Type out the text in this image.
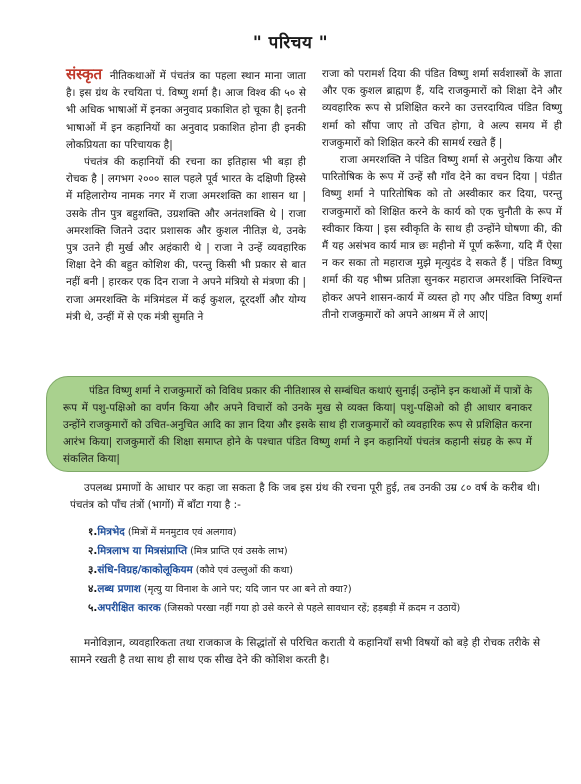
" परिचय "

संस्कृत नीतिकथाओं में पंचतंत्र का पहला स्थान माना जाता है। इस ग्रंथ के रचयिता पं. विष्णु शर्मा है। आज विश्व की ५० से भी अधिक भाषाओं में इनका अनुवाद प्रकाशित हो चूका है| इतनी भाषाओं में इन कहानियों का अनुवाद प्रकाशित होना ही इनकी लोकप्रियता का परिचायक है|

पंचतंत्र की कहानियों की रचना का इतिहास भी बड़ा ही रोचक है | लगभग २००० साल पहले पूर्व भारत के दक्षिणी हिस्से में महिलारोग्य नामक नगर में राजा अमरशक्ति का शासन था | उसके तीन पुत्र बहुशक्ति, उग्रशक्ति और अनंतशक्ति थे | राजा अमरशक्ति जितने उदार प्रशासक और कुशल नीतिज्ञ थे, उनके पुत्र उतने ही मुर्ख और अहंकारी थे | राजा ने उन्हें व्यवहारिक शिक्षा देने की बहुत कोशिश की, परन्तु किसी भी प्रकार से बात नहीं बनी | हारकर एक दिन राजा ने अपने मंत्रियो से मंत्रणा की | राजा अमरशक्ति के मंत्रिमंडल में कई कुशल, दूरदर्शी और योग्य मंत्री थे, उन्हीं में से एक मंत्री सुमति ने

राजा को परामर्श दिया की पंडित विष्णु शर्मा सर्वशास्त्रों के ज्ञाता और एक कुशल ब्राह्मण हैं, यदि राजकुमारों को शिक्षा देने और व्यवहारिक रूप से प्रशिक्षित करने का उत्तरदायित्व पंडित विष्णु शर्मा को सौंपा जाए तो उचित होगा, वे अल्प समय में ही राजकुमारों को शिक्षित करने की सामर्थ रखते हैं |

राजा अमरशक्ति ने पंडित विष्णु शर्मा से अनुरोध किया और पारितोषिक के रूप में उन्हें सौ गाँव देने का वचन दिया | पंडीत विष्णु शर्मा ने पारितोषिक को तो अस्वीकार कर दिया, परन्तु राजकुमारों को शिक्षित करने के कार्य को एक चुनौती के रूप में स्वीकार किया | इस स्वीकृति के साथ ही उन्होंने घोषणा की, की मैं यह असंभव कार्य मात्र छः महीनो में पूर्ण करूँगा, यदि मैं ऐसा न कर सका तो महाराज मुझे मृत्युदंड दे सकते हैं | पंडित विष्णु शर्मा की यह भीष्म प्रतिज्ञा सुनकर महाराज अमरशक्ति निश्चिन्त होकर अपने शासन-कार्य में व्यस्त हो गए और पंडित विष्णु शर्मा तीनो राजकुमारों को अपने आश्रम में ले आए|

पंडित विष्णु शर्मा ने राजकुमारों को विविध प्रकार की नीतिशास्त्र से सम्बंधित कथाएं सुनाई| उन्होंने इन कथाओं में पात्रों के रूप में पशु-पक्षिओ का वर्णन किया और अपने विचारों को उनके मुख से व्यक्त किया| पशु-पक्षिओ को ही आधार बनाकर उन्होंने राजकुमारों को उचित-अनुचित आदि का ज्ञान दिया और इसके साथ ही राजकुमारों को व्यवहारिक रूप से प्रशिक्षित करना आरंभ किया| राजकुमारों की शिक्षा समाप्त होने के पश्चात पंडित विष्णु शर्मा ने इन कहानियों पंचतंत्र कहानी संग्रह के रूप में संकलित किया|

उपलब्ध प्रमाणों के आधार पर कहा जा सकता है कि जब इस ग्रंथ की रचना पूरी हुई, तब उनकी उम्र ८० वर्ष के करीब थी। पंचतंत्र को पाँच तंत्रों (भागों) में बाँटा गया है :-

१.मित्रभेद (मित्रों में मनमुटाव एवं अलगाव)
२.मित्रलाभ या मित्रसंप्राप्ति (मित्र प्राप्ति एवं उसके लाभ)
३.संधि-विग्रह/काकोलूकियम (कौवे एवं उल्लुओं की कथा)
४.लब्ध प्रणाश (मृत्यु या विनाश के आने पर; यदि जान पर आ बने तो क्या?)
५.अपरीक्षित कारक (जिसको परखा नहीं गया हो उसे करने से पहले सावधान रहें; हड़बड़ी में क़दम न उठायें)

मनोविज्ञान, व्यवहारिकता तथा राजकाज के सिद्धांतों से परिचित कराती ये कहानियाँ सभी विषयों को बड़े ही रोचक तरीके से सामने रखती है तथा साथ ही साथ एक सीख देने की कोशिश करती है।
